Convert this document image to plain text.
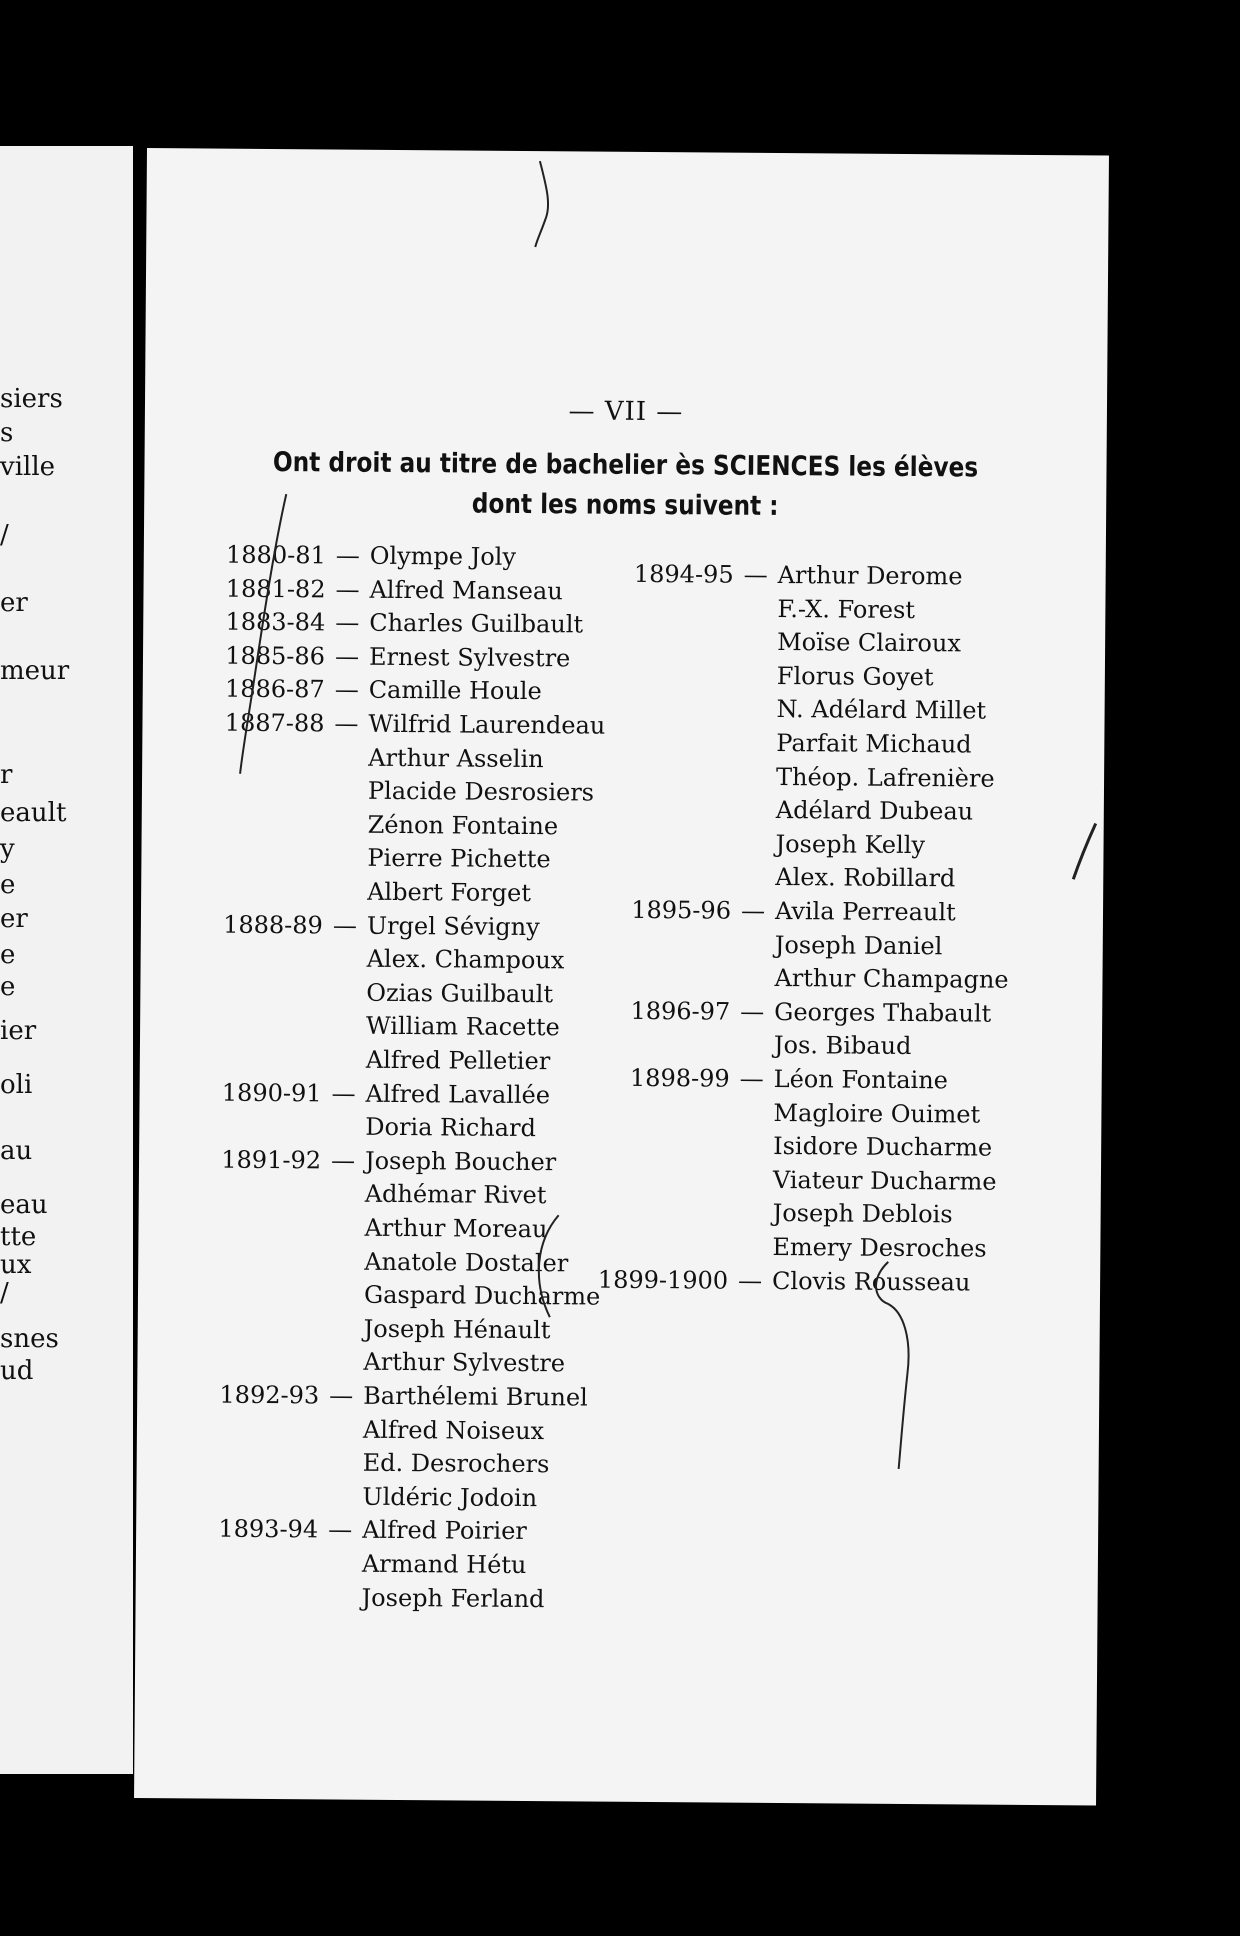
siers
s
ville
/
er
meur
r
eault
y
e
er
e
e
ier
oli
au
eau
tte
ux
/
snes
ud
— VII —
Ont droit au titre de bachelier ès SCIENCES les élèves
dont les noms suivent :
1880-81 — Olympe Joly
1881-82 — Alfred Manseau
1883-84 — Charles Guilbault
1885-86 — Ernest Sylvestre
1886-87 — Camille Houle
1887-88 — Wilfrid Laurendeau
Arthur Asselin
Placide Desrosiers
Zénon Fontaine
Pierre Pichette
Albert Forget
1888-89 — Urgel Sévigny
Alex. Champoux
Ozias Guilbault
William Racette
Alfred Pelletier
1890-91 — Alfred Lavallée
Doria Richard
1891-92 — Joseph Boucher
Adhémar Rivet
Arthur Moreau
Anatole Dostaler
Gaspard Ducharme
Joseph Hénault
Arthur Sylvestre
1892-93 — Barthélemi Brunel
Alfred Noiseux
Ed. Desrochers
Uldéric Jodoin
1893-94 — Alfred Poirier
Armand Hétu
Joseph Ferland
1894-95 — Arthur Derome
F.-X. Forest
Moïse Clairoux
Florus Goyet
N. Adélard Millet
Parfait Michaud
Théop. Lafrenière
Adélard Dubeau
Joseph Kelly
Alex. Robillard
1895-96 — Avila Perreault
Joseph Daniel
Arthur Champagne
1896-97 — Georges Thabault
Jos. Bibaud
1898-99 — Léon Fontaine
Magloire Ouimet
Isidore Ducharme
Viateur Ducharme
Joseph Deblois
Emery Desroches
1899-1900 — Clovis Rousseau
